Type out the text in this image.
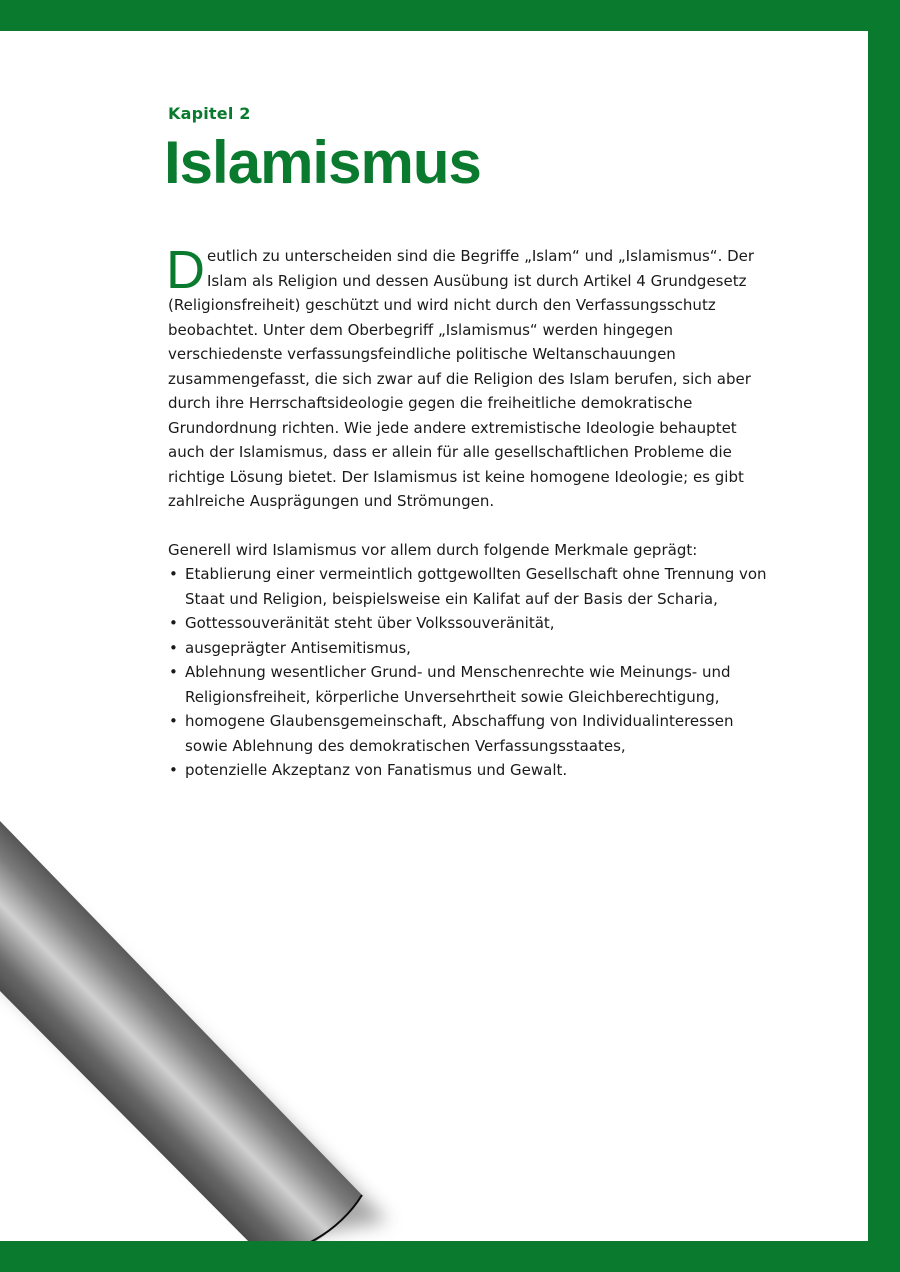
Kapitel 2
Islamismus

Deutlich zu unterscheiden sind die Begriffe „Islam“ und „Islamismus“. Der Islam als Religion und dessen Ausübung ist durch Artikel 4 Grundgesetz (Religionsfreiheit) geschützt und wird nicht durch den Verfassungsschutz beobachtet. Unter dem Oberbegriff „Islamismus“ werden hingegen verschiedenste verfassungsfeindliche politische Weltanschauungen zusammengefasst, die sich zwar auf die Religion des Islam berufen, sich aber durch ihre Herrschaftsideologie gegen die freiheitliche demokratische Grundordnung richten. Wie jede andere extremistische Ideologie behauptet auch der Islamismus, dass er allein für alle gesellschaftlichen Probleme die richtige Lösung bietet. Der Islamismus ist keine homogene Ideologie; es gibt zahlreiche Ausprägungen und Strömungen.

Generell wird Islamismus vor allem durch folgende Merkmale geprägt:

• Etablierung einer vermeintlich gottgewollten Gesellschaft ohne Trennung von Staat und Religion, beispielsweise ein Kalifat auf der Basis der Scharia,
• Gottessouveränität steht über Volkssouveränität,
• ausgeprägter Antisemitismus,
• Ablehnung wesentlicher Grund- und Menschenrechte wie Meinungs- und Religionsfreiheit, körperliche Unversehrtheit sowie Gleichberechtigung,
• homogene Glaubensgemeinschaft, Abschaffung von Individualinteressen sowie Ablehnung des demokratischen Verfassungsstaates,
• potenzielle Akzeptanz von Fanatismus und Gewalt.
